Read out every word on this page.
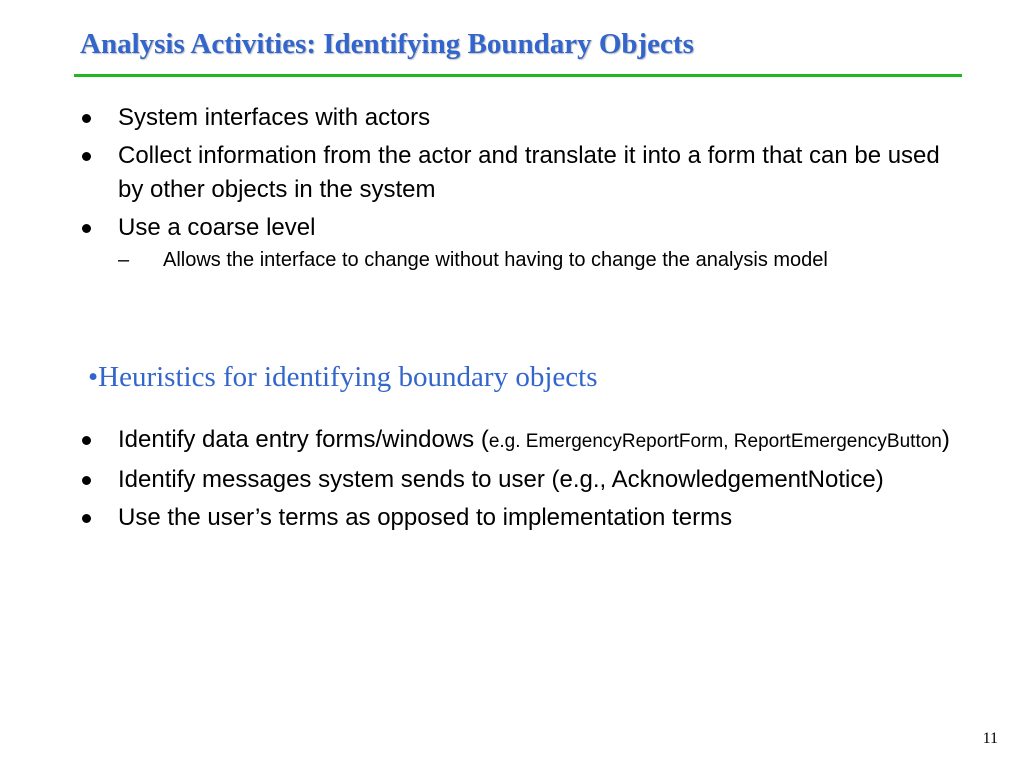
Analysis Activities: Identifying Boundary Objects
System interfaces with actors
Collect information from the actor and translate it into a form that can be used by other objects in the system
Use a coarse level
– Allows the interface to change without having to change the analysis model
•Heuristics for identifying boundary objects
Identify data entry forms/windows (e.g. EmergencyReportForm, ReportEmergencyButton)
Identify messages system sends to user (e.g., AcknowledgementNotice)
Use the user’s terms as opposed to implementation terms
11
